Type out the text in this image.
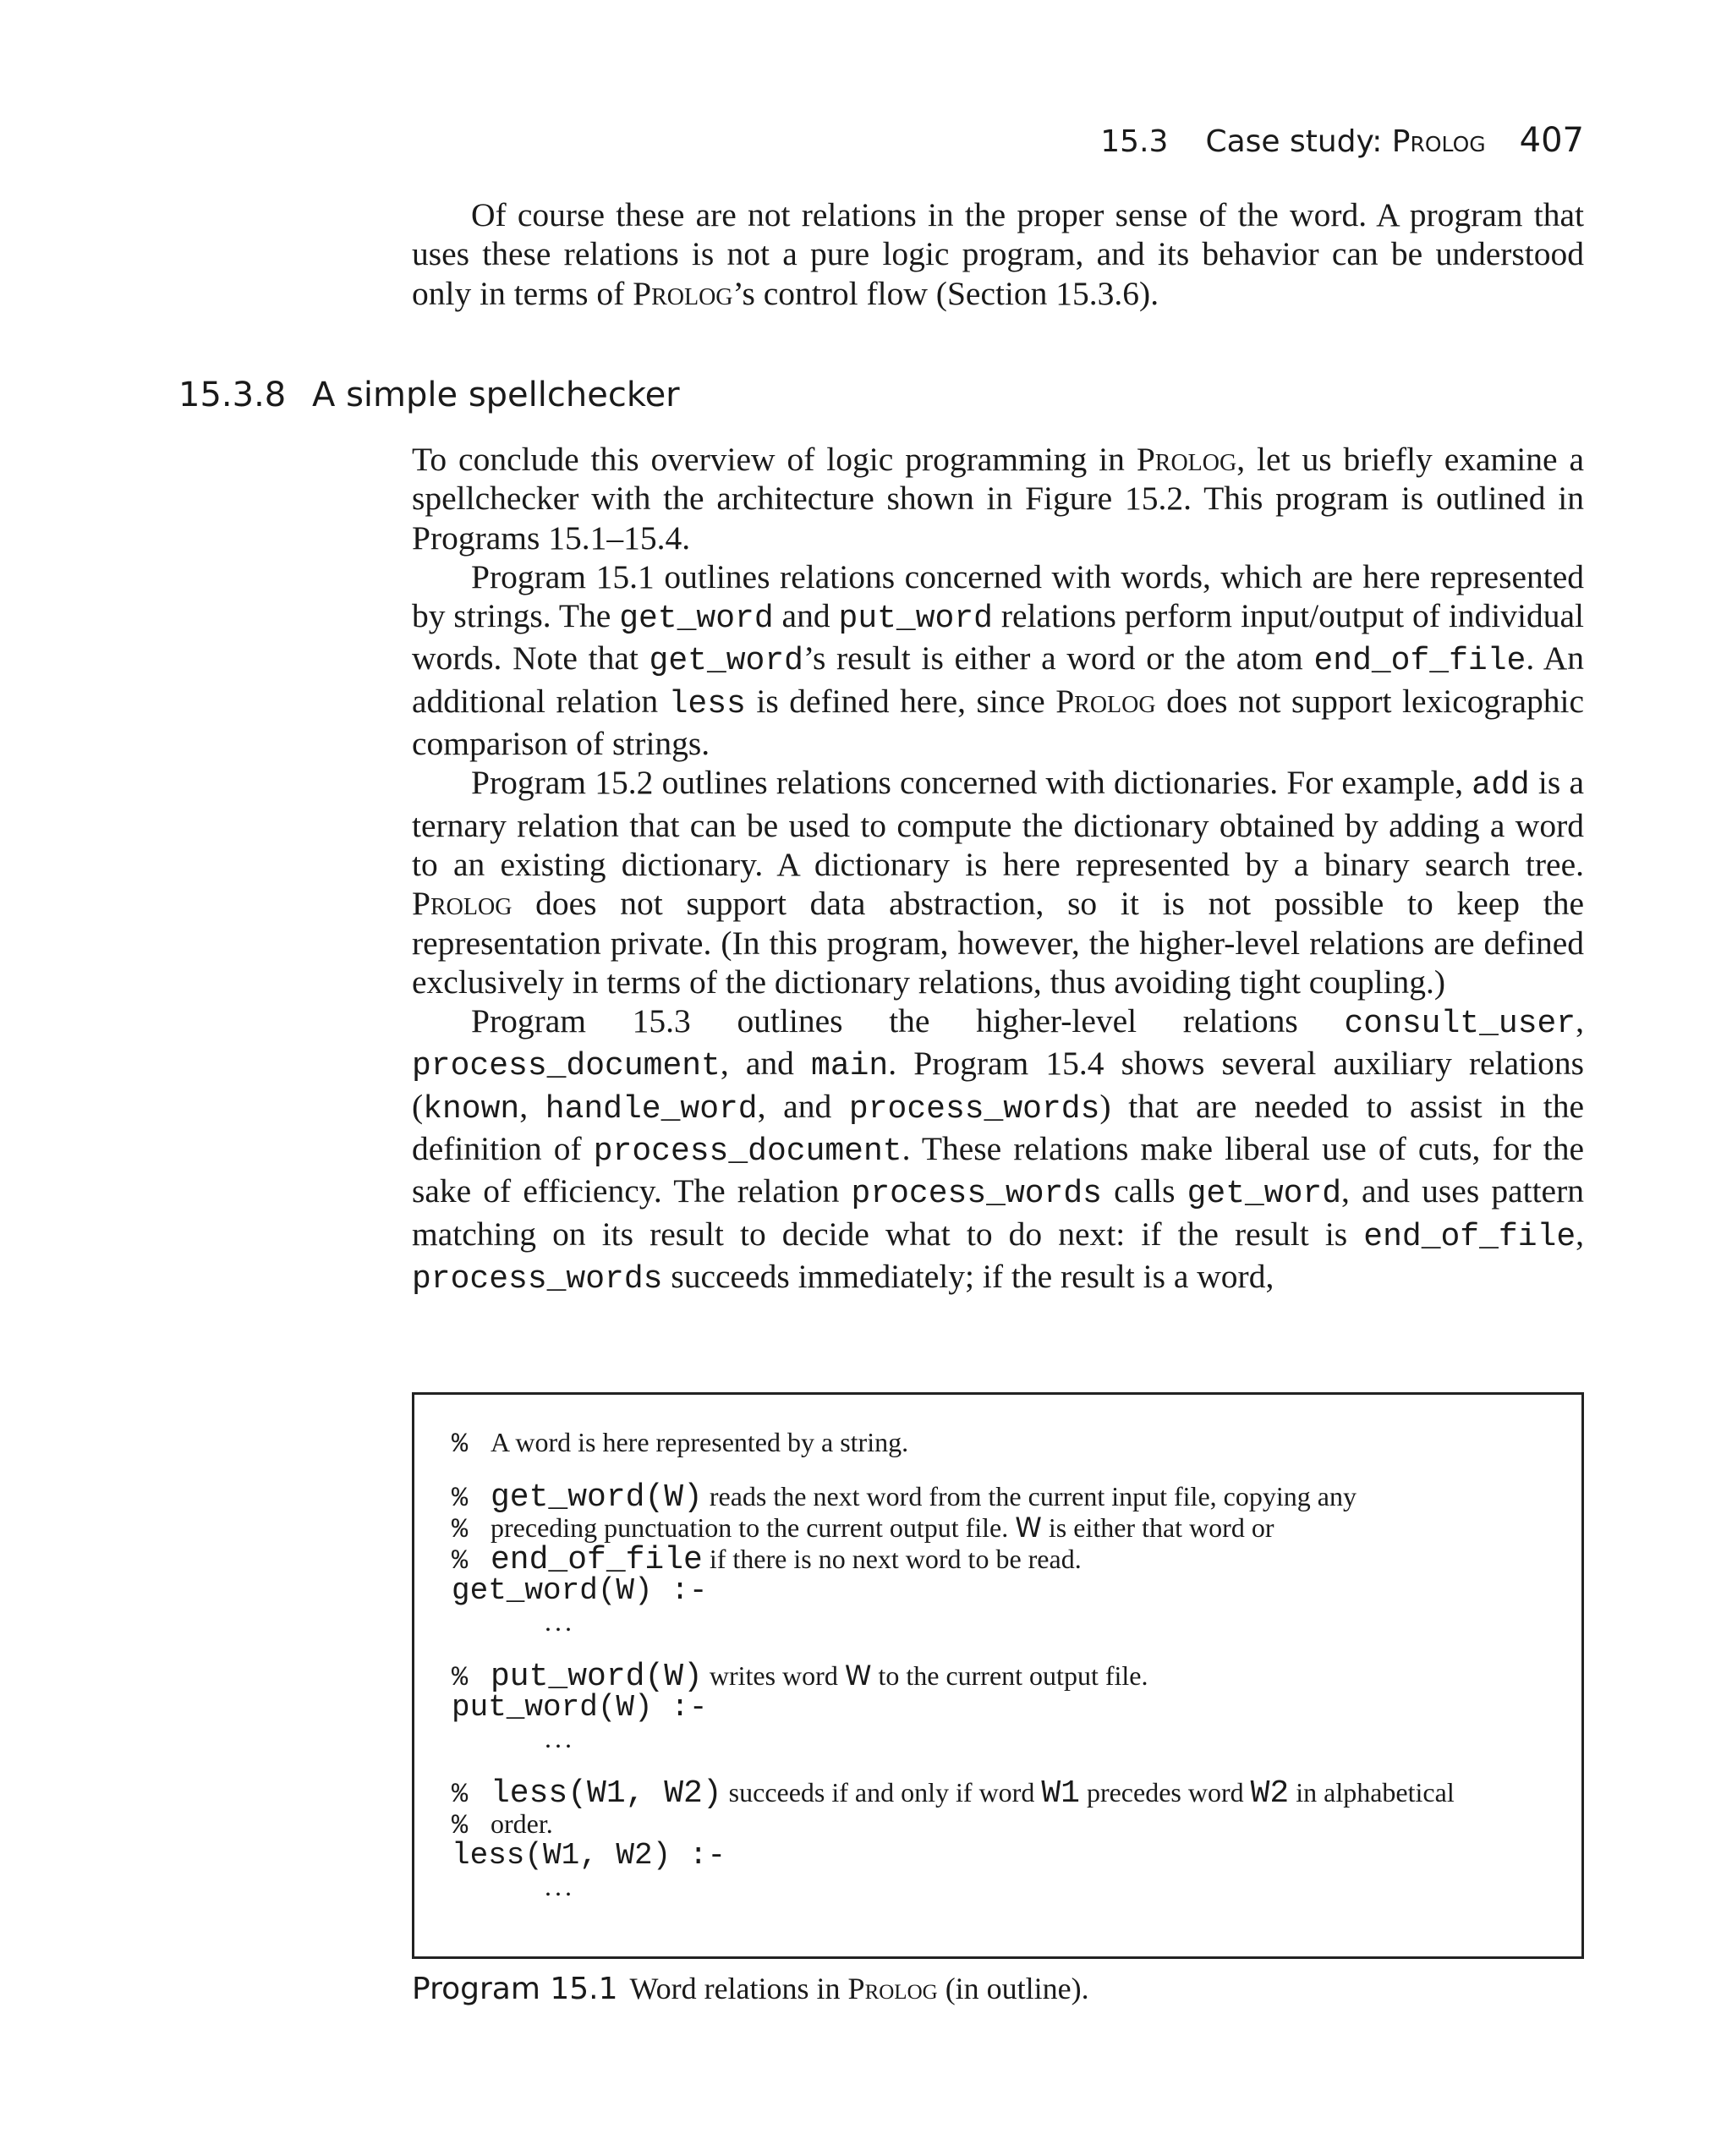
15.3 Case study: Prolog 407

Of course these are not relations in the proper sense of the word. A program that uses these relations is not a pure logic program, and its behavior can be understood only in terms of Prolog’s control flow (Section 15.3.6).

15.3.8 A simple spellchecker

To conclude this overview of logic programming in Prolog, let us briefly examine a spellchecker with the architecture shown in Figure 15.2. This program is outlined in Programs 15.1–15.4.

Program 15.1 outlines relations concerned with words, which are here represented by strings. The get_word and put_word relations perform input/output of individual words. Note that get_word’s result is either a word or the atom end_of_file. An additional relation less is defined here, since Prolog does not support lexicographic comparison of strings.

Program 15.2 outlines relations concerned with dictionaries. For example, add is a ternary relation that can be used to compute the dictionary obtained by adding a word to an existing dictionary. A dictionary is here represented by a binary search tree. Prolog does not support data abstraction, so it is not possible to keep the representation private. (In this program, however, the higher-level relations are defined exclusively in terms of the dictionary relations, thus avoiding tight coupling.)

Program 15.3 outlines the higher-level relations consult_user, process_document, and main. Program 15.4 shows several auxiliary relations (known, handle_word, and process_words) that are needed to assist in the definition of process_document. These relations make liberal use of cuts, for the sake of efficiency. The relation process_words calls get_word, and uses pattern matching on its result to decide what to do next: if the result is end_of_file, process_words succeeds immediately; if the result is a word,

% A word is here represented by a string.
% get_word(W) reads the next word from the current input file, copying any
% preceding punctuation to the current output file. W is either that word or
% end_of_file if there is no next word to be read.
get_word(W) :-
...
% put_word(W) writes word W to the current output file.
put_word(W) :-
...
% less(W1, W2) succeeds if and only if word W1 precedes word W2 in alphabetical
% order.
less(W1, W2) :-
...
Program 15.1 Word relations in Prolog (in outline).
